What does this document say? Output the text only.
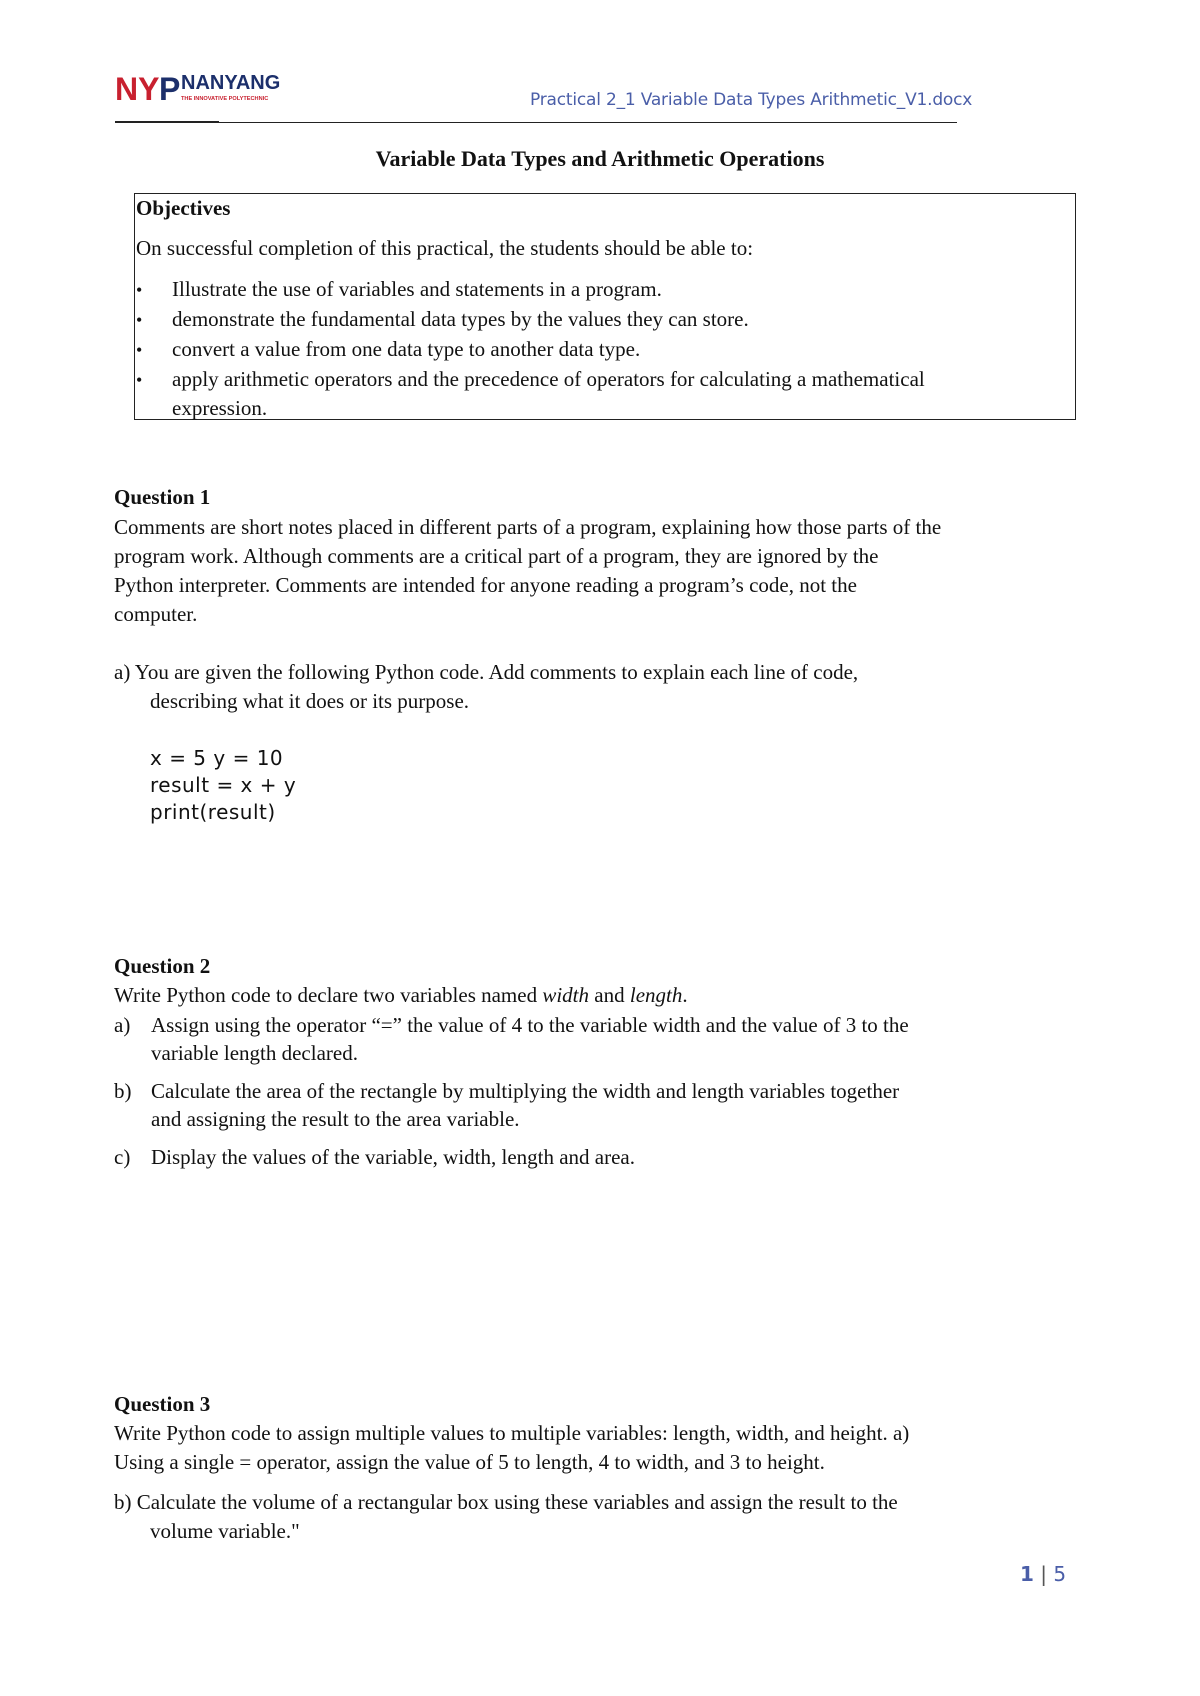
NY P NANYANG
THE INNOVATIVE POLYTECHNIC	Practical 2_1 Variable Data Types Arithmetic_V1.docx
Variable Data Types and Arithmetic Operations
Objectives
On successful completion of this practical, the students should be able to:
• Illustrate the use of variables and statements in a program.
• demonstrate the fundamental data types by the values they can store.
• convert a value from one data type to another data type.
• apply arithmetic operators and the precedence of operators for calculating a mathematical
expression.
Question 1
Comments are short notes placed in different parts of a program, explaining how those parts of the
program work. Although comments are a critical part of a program, they are ignored by the
Python interpreter. Comments are intended for anyone reading a program’s code, not the
computer.
a) You are given the following Python code. Add comments to explain each line of code,
describing what it does or its purpose.
x = 5 y = 10
result = x + y
print(result)
Question 2
Write Python code to declare two variables named width and length.
a) Assign using the operator “=” the value of 4 to the variable width and the value of 3 to the
variable length declared.
b) Calculate the area of the rectangle by multiplying the width and length variables together
and assigning the result to the area variable.
c) Display the values of the variable, width, length and area.
Question 3
Write Python code to assign multiple values to multiple variables: length, width, and height. a)
Using a single = operator, assign the value of 5 to length, 4 to width, and 3 to height.
b) Calculate the volume of a rectangular box using these variables and assign the result to the
volume variable."
1 | 5
